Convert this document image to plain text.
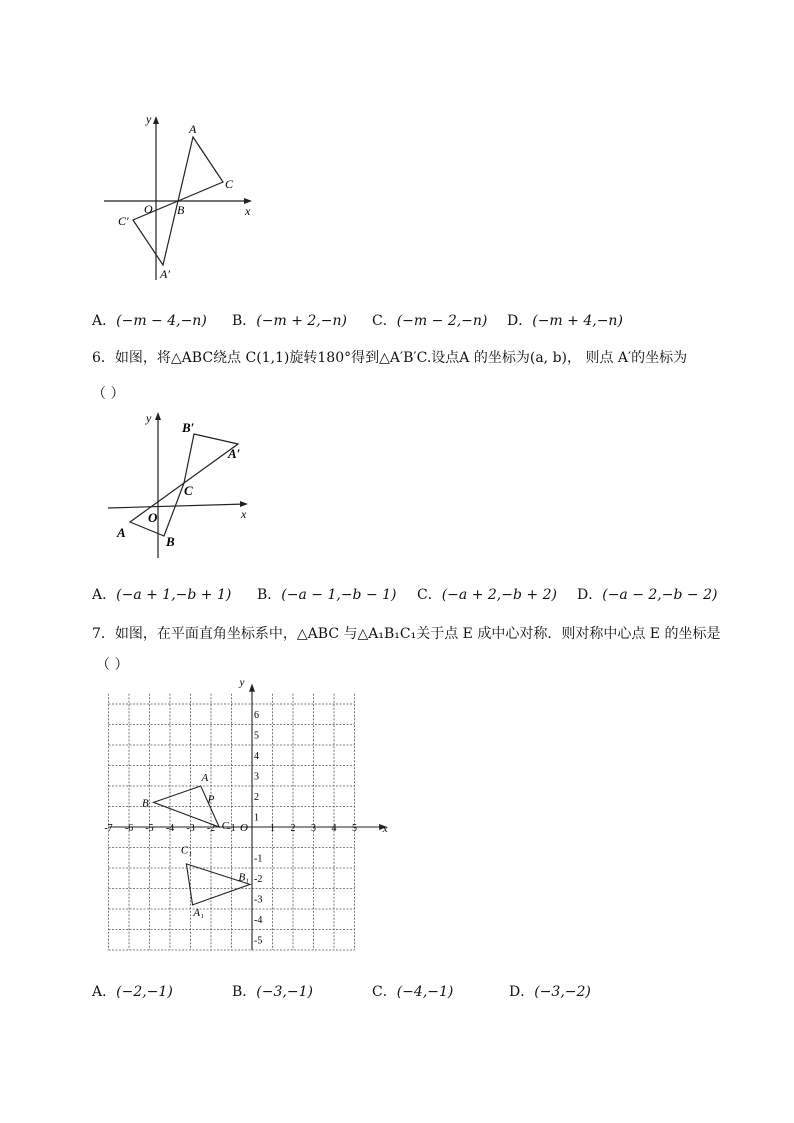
y
x
O
A
B
C
C′
A′
A．(−m − 4,−n) B．(−m + 2,−n) C．(−m − 2,−n) D．(−m + 4,−n)
6．如图，将△ABC绕点 C(1,1)旋转180°得到△A′B′C.设点A 的坐标为(a, b)， 则点 A′的坐标为
（ ）
y
x
O
A
B
C
A′
B′
A．(−a + 1,−b + 1) B．(−a − 1,−b − 1) C．(−a + 2,−b + 2) D．(−a − 2,−b − 2)
7．如图，在平面直角坐标系中，△ABC 与△A₁B₁C₁关于点 E 成中心对称．则对称中心点 E 的坐标是
（ ）
-7 -6 -5 -4 -3 -2 -1	1 2 3 4 5
6
5
4
3
2
1
-1
-2
-3
-4
-5
O	x
y
A
B
C
P
A₁
B₁
C₁
A．(−2,−1)	B．(−3,−1)	C．(−4,−1)	D．(−3,−2)
